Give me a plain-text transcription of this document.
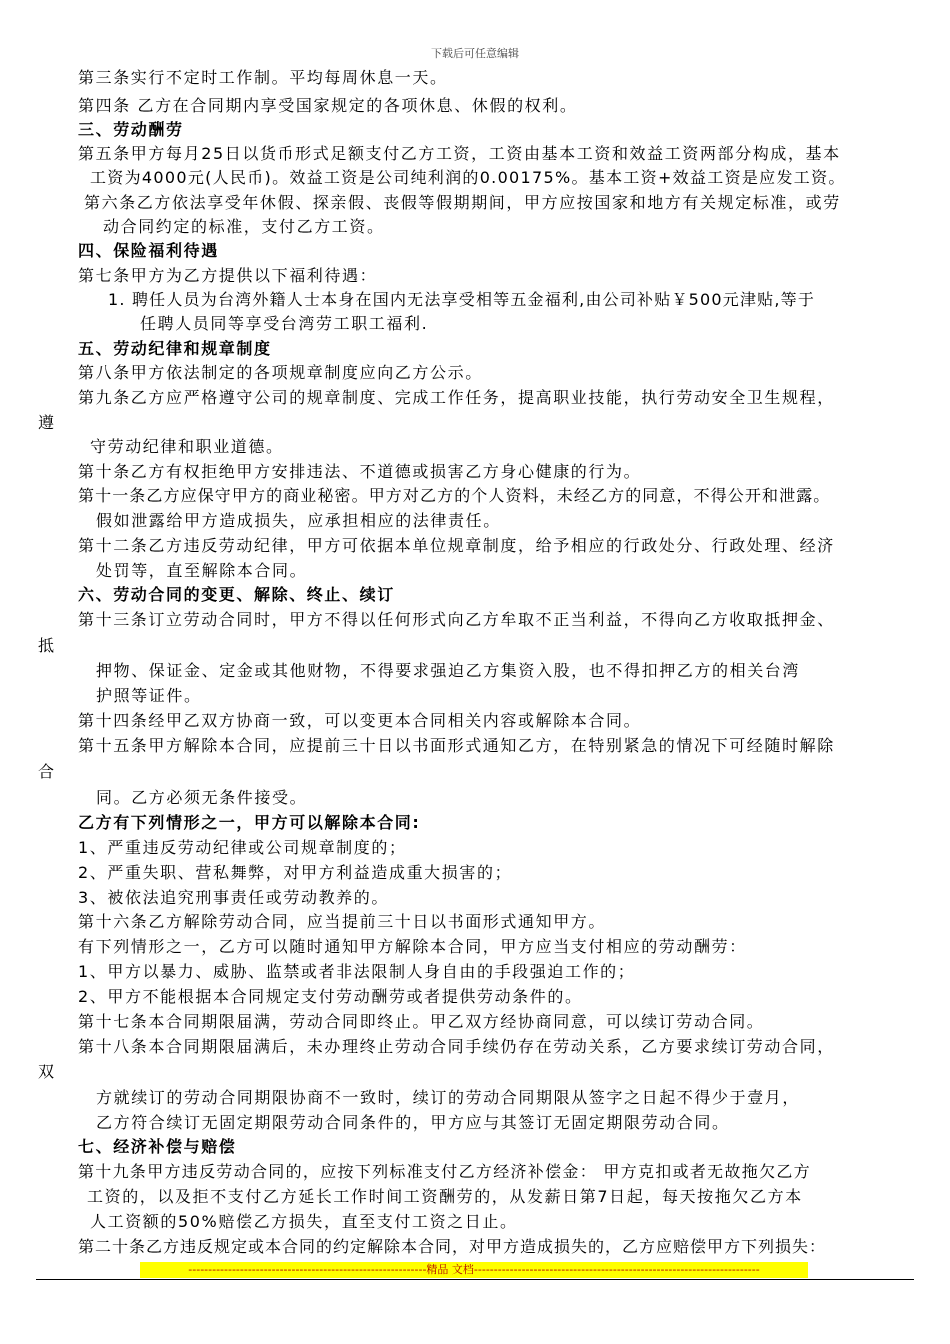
下载后可任意编辑
第三条实行不定时工作制。平均每周休息一天。
第四条 乙方在合同期内享受国家规定的各项休息、休假的权利。
三、劳动酬劳
第五条甲方每月25日以货币形式足额支付乙方工资，工资由基本工资和效益工资两部分构成，基本
工资为4000元(人民币)。效益工资是公司纯利润的0.00175%。基本工资+效益工资是应发工资。
第六条乙方依法享受年休假、探亲假、丧假等假期期间，甲方应按国家和地方有关规定标准，或劳
动合同约定的标准，支付乙方工资。
四、保险福利待遇
第七条甲方为乙方提供以下福利待遇：
1. 聘任人员为台湾外籍人士本身在国内无法享受相等五金福利,由公司补贴￥500元津贴,等于
任聘人员同等享受台湾劳工职工福利.
五、劳动纪律和规章制度
第八条甲方依法制定的各项规章制度应向乙方公示。
第九条乙方应严格遵守公司的规章制度、完成工作任务，提高职业技能，执行劳动安全卫生规程，
遵
守劳动纪律和职业道德。
第十条乙方有权拒绝甲方安排违法、不道德或损害乙方身心健康的行为。
第十一条乙方应保守甲方的商业秘密。甲方对乙方的个人资料，未经乙方的同意，不得公开和泄露。
假如泄露给甲方造成损失，应承担相应的法律责任。
第十二条乙方违反劳动纪律，甲方可依据本单位规章制度，给予相应的行政处分、行政处理、经济
处罚等，直至解除本合同。
六、劳动合同的变更、解除、终止、续订
第十三条订立劳动合同时，甲方不得以任何形式向乙方牟取不正当利益，不得向乙方收取抵押金、
抵
押物、保证金、定金或其他财物，不得要求强迫乙方集资入股，也不得扣押乙方的相关台湾
护照等证件。
第十四条经甲乙双方协商一致，可以变更本合同相关内容或解除本合同。
第十五条甲方解除本合同，应提前三十日以书面形式通知乙方，在特别紧急的情况下可经随时解除
合
同。乙方必须无条件接受。
乙方有下列情形之一，甲方可以解除本合同:
1、严重违反劳动纪律或公司规章制度的；
2、严重失职、营私舞弊，对甲方利益造成重大损害的；
3、被依法追究刑事责任或劳动教养的。
第十六条乙方解除劳动合同，应当提前三十日以书面形式通知甲方。
有下列情形之一，乙方可以随时通知甲方解除本合同，甲方应当支付相应的劳动酬劳：
1、甲方以暴力、威胁、监禁或者非法限制人身自由的手段强迫工作的；
2、甲方不能根据本合同规定支付劳动酬劳或者提供劳动条件的。
第十七条本合同期限届满，劳动合同即终止。甲乙双方经协商同意，可以续订劳动合同。
第十八条本合同期限届满后，未办理终止劳动合同手续仍存在劳动关系，乙方要求续订劳动合同，
双
方就续订的劳动合同期限协商不一致时，续订的劳动合同期限从签字之日起不得少于壹月，
乙方符合续订无固定期限劳动合同条件的，甲方应与其签订无固定期限劳动合同。
七、经济补偿与赔偿
第十九条甲方违反劳动合同的，应按下列标准支付乙方经济补偿金： 甲方克扣或者无故拖欠乙方
工资的，以及拒不支付乙方延长工作时间工资酬劳的，从发薪日第7日起，每天按拖欠乙方本
人工资额的50%赔偿乙方损失，直至支付工资之日止。
第二十条乙方违反规定或本合同的约定解除本合同，对甲方造成损失的，乙方应赔偿甲方下列损失：
------------------------------------------------------------精品 文档------------------------------------------------------------------------
